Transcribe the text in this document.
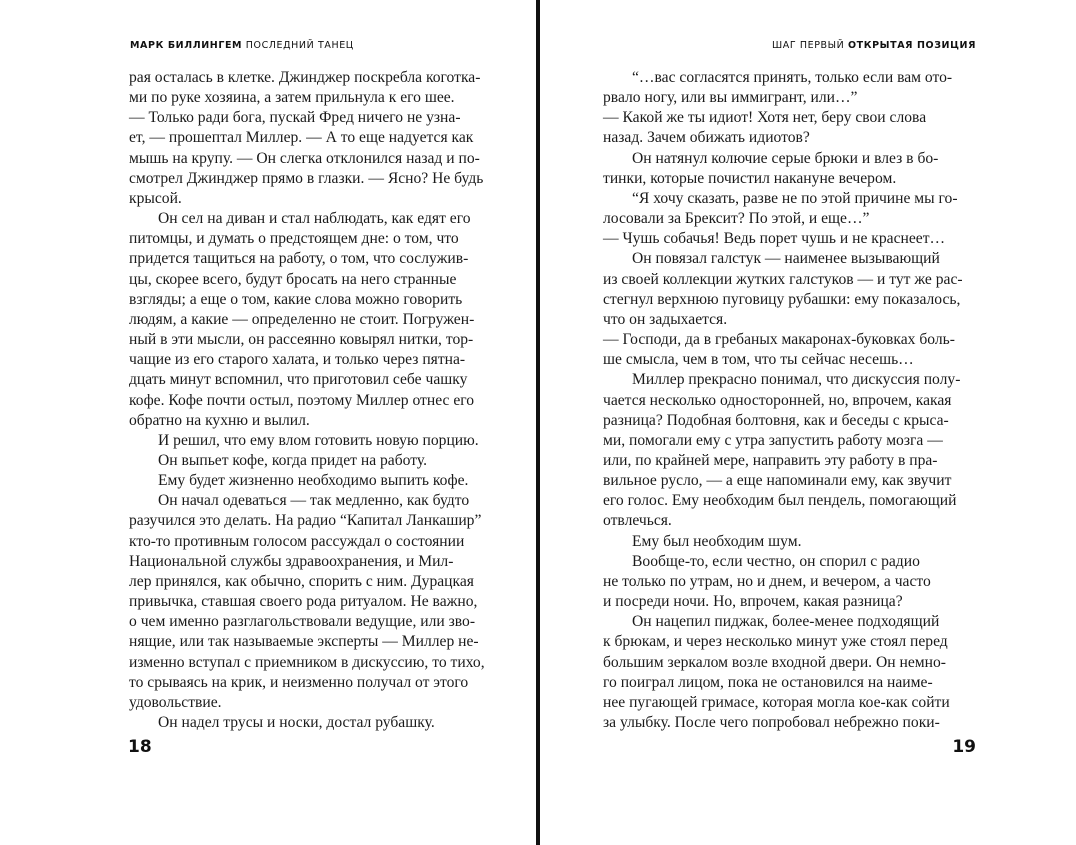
МАРК БИЛЛИНГЕМ ПОСЛЕДНИЙ ТАНЕЦ
рая осталась в клетке. Джинджер поскребла коготка-
ми по руке хозяина, а затем прильнула к его шее.
— Только ради бога, пускай Фред ничего не узна-
ет, — прошептал Миллер. — А то еще надуется как
мышь на крупу. — Он слегка отклонился назад и по-
смотрел Джинджер прямо в глазки. — Ясно? Не будь
крысой.
Он сел на диван и стал наблюдать, как едят его
питомцы, и думать о предстоящем дне: о том, что
придется тащиться на работу, о том, что сослужив-
цы, скорее всего, будут бросать на него странные
взгляды; а еще о том, какие слова можно говорить
людям, а какие — определенно не стоит. Погружен-
ный в эти мысли, он рассеянно ковырял нитки, тор-
чащие из его старого халата, и только через пятна-
дцать минут вспомнил, что приготовил себе чашку
кофе. Кофе почти остыл, поэтому Миллер отнес его
обратно на кухню и вылил.
И решил, что ему влом готовить новую порцию.
Он выпьет кофе, когда придет на работу.
Ему будет жизненно необходимо выпить кофе.
Он начал одеваться — так медленно, как будто
разучился это делать. На радио “Капитал Ланкашир”
кто-то противным голосом рассуждал о состоянии
Национальной службы здравоохранения, и Мил-
лер принялся, как обычно, спорить с ним. Дурацкая
привычка, ставшая своего рода ритуалом. Не важно,
о чем именно разглагольствовали ведущие, или зво-
нящие, или так называемые эксперты — Миллер не-
изменно вступал с приемником в дискуссию, то тихо,
то срываясь на крик, и неизменно получал от этого
удовольствие.
Он надел трусы и носки, достал рубашку.
18
ШАГ ПЕРВЫЙ ОТКРЫТАЯ ПОЗИЦИЯ
“…вас согласятся принять, только если вам ото-
рвало ногу, или вы иммигрант, или…”
— Какой же ты идиот! Хотя нет, беру свои слова
назад. Зачем обижать идиотов?
Он натянул колючие серые брюки и влез в бо-
тинки, которые почистил накануне вечером.
“Я хочу сказать, разве не по этой причине мы го-
лосовали за Брексит? По этой, и еще…”
— Чушь собачья! Ведь порет чушь и не краснеет…
Он повязал галстук — наименее вызывающий
из своей коллекции жутких галстуков — и тут же рас-
стегнул верхнюю пуговицу рубашки: ему показалось,
что он задыхается.
— Господи, да в гребаных макаронах-буковках боль-
ше смысла, чем в том, что ты сейчас несешь…
Миллер прекрасно понимал, что дискуссия полу-
чается несколько односторонней, но, впрочем, какая
разница? Подобная болтовня, как и беседы с крыса-
ми, помогали ему с утра запустить работу мозга —
или, по крайней мере, направить эту работу в пра-
вильное русло, — а еще напоминали ему, как звучит
его голос. Ему необходим был пендель, помогающий
отвлечься.
Ему был необходим шум.
Вообще-то, если честно, он спорил с радио
не только по утрам, но и днем, и вечером, а часто
и посреди ночи. Но, впрочем, какая разница?
Он нацепил пиджак, более-менее подходящий
к брюкам, и через несколько минут уже стоял перед
большим зеркалом возле входной двери. Он немно-
го поиграл лицом, пока не остановился на наиме-
нее пугающей гримасе, которая могла кое-как сойти
за улыбку. После чего попробовал небрежно поки-
19
